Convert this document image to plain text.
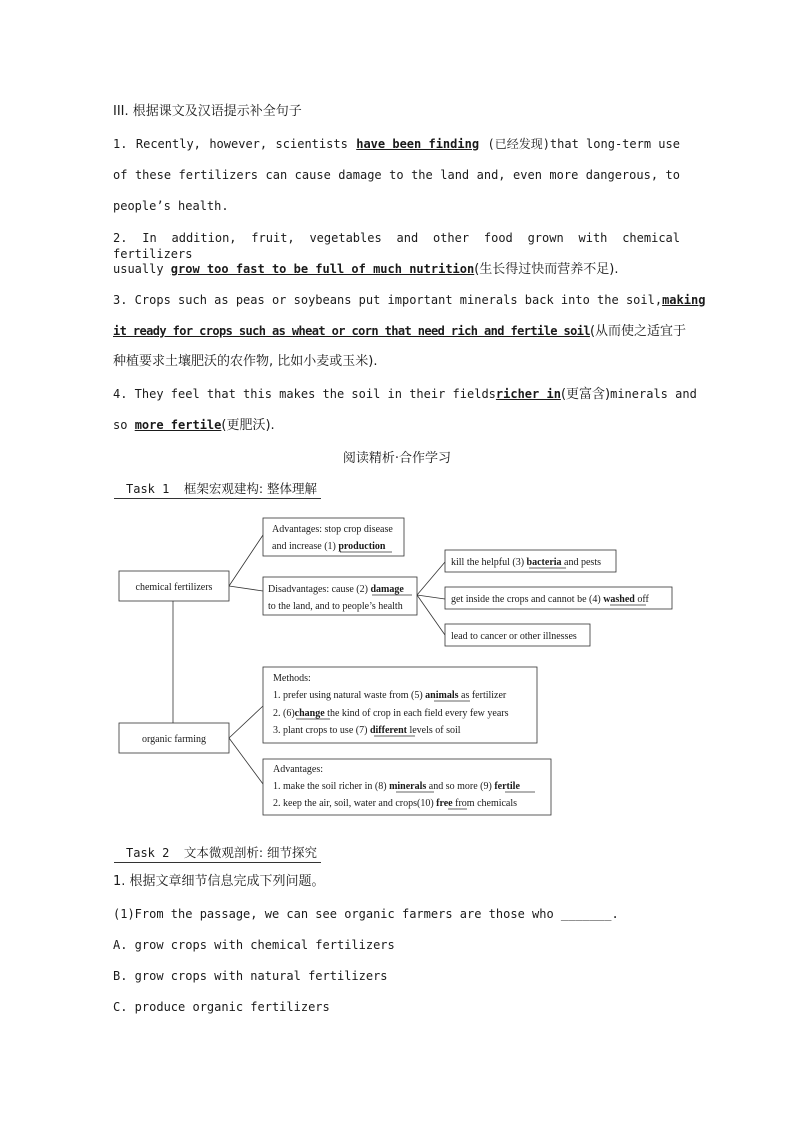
III. 根据课文及汉语提示补全句子
1. Recently, however, scientists have been finding (已经发现)that long-term use
of these fertilizers can cause damage to the land and, even more dangerous, to
people’s health.
2. In addition, fruit, vegetables and other food grown with chemical fertilizers
usually grow too fast to be full of much nutrition(生长得过快而营养不足).
3. Crops such as peas or soybeans put important minerals back into the soil, making
it ready for crops such as wheat or corn that need rich and fertile soil(从而使之适宜于
种植要求土壤肥沃的农作物, 比如小麦或玉米).
4. They feel that this makes the soil in their fields richer in(更富含)minerals and
so more fertile(更肥沃).
阅读精析·合作学习
Task 1 框架宏观建构: 整体理解
chemical fertilizers
Advantages: stop crop disease
and increase (1) production
Disadvantages: cause (2) damage
to the land, and to people’s health
kill the helpful (3) bacteria and pests
get inside the crops and cannot be (4) washed off
lead to cancer or other illnesses
organic farming
Methods:
1. prefer using natural waste from (5) animals as fertilizer
2. (6)change the kind of crop in each field every few years
3. plant crops to use (7) different levels of soil
Advantages:
1. make the soil richer in (8) minerals and so more (9) fertile
2. keep the air, soil, water and crops(10) free from chemicals
Task 2 文本微观剖析: 细节探究
1. 根据文章细节信息完成下列问题。
(1)From the passage, we can see organic farmers are those who _______.
A. grow crops with chemical fertilizers
B. grow crops with natural fertilizers
C. produce organic fertilizers
